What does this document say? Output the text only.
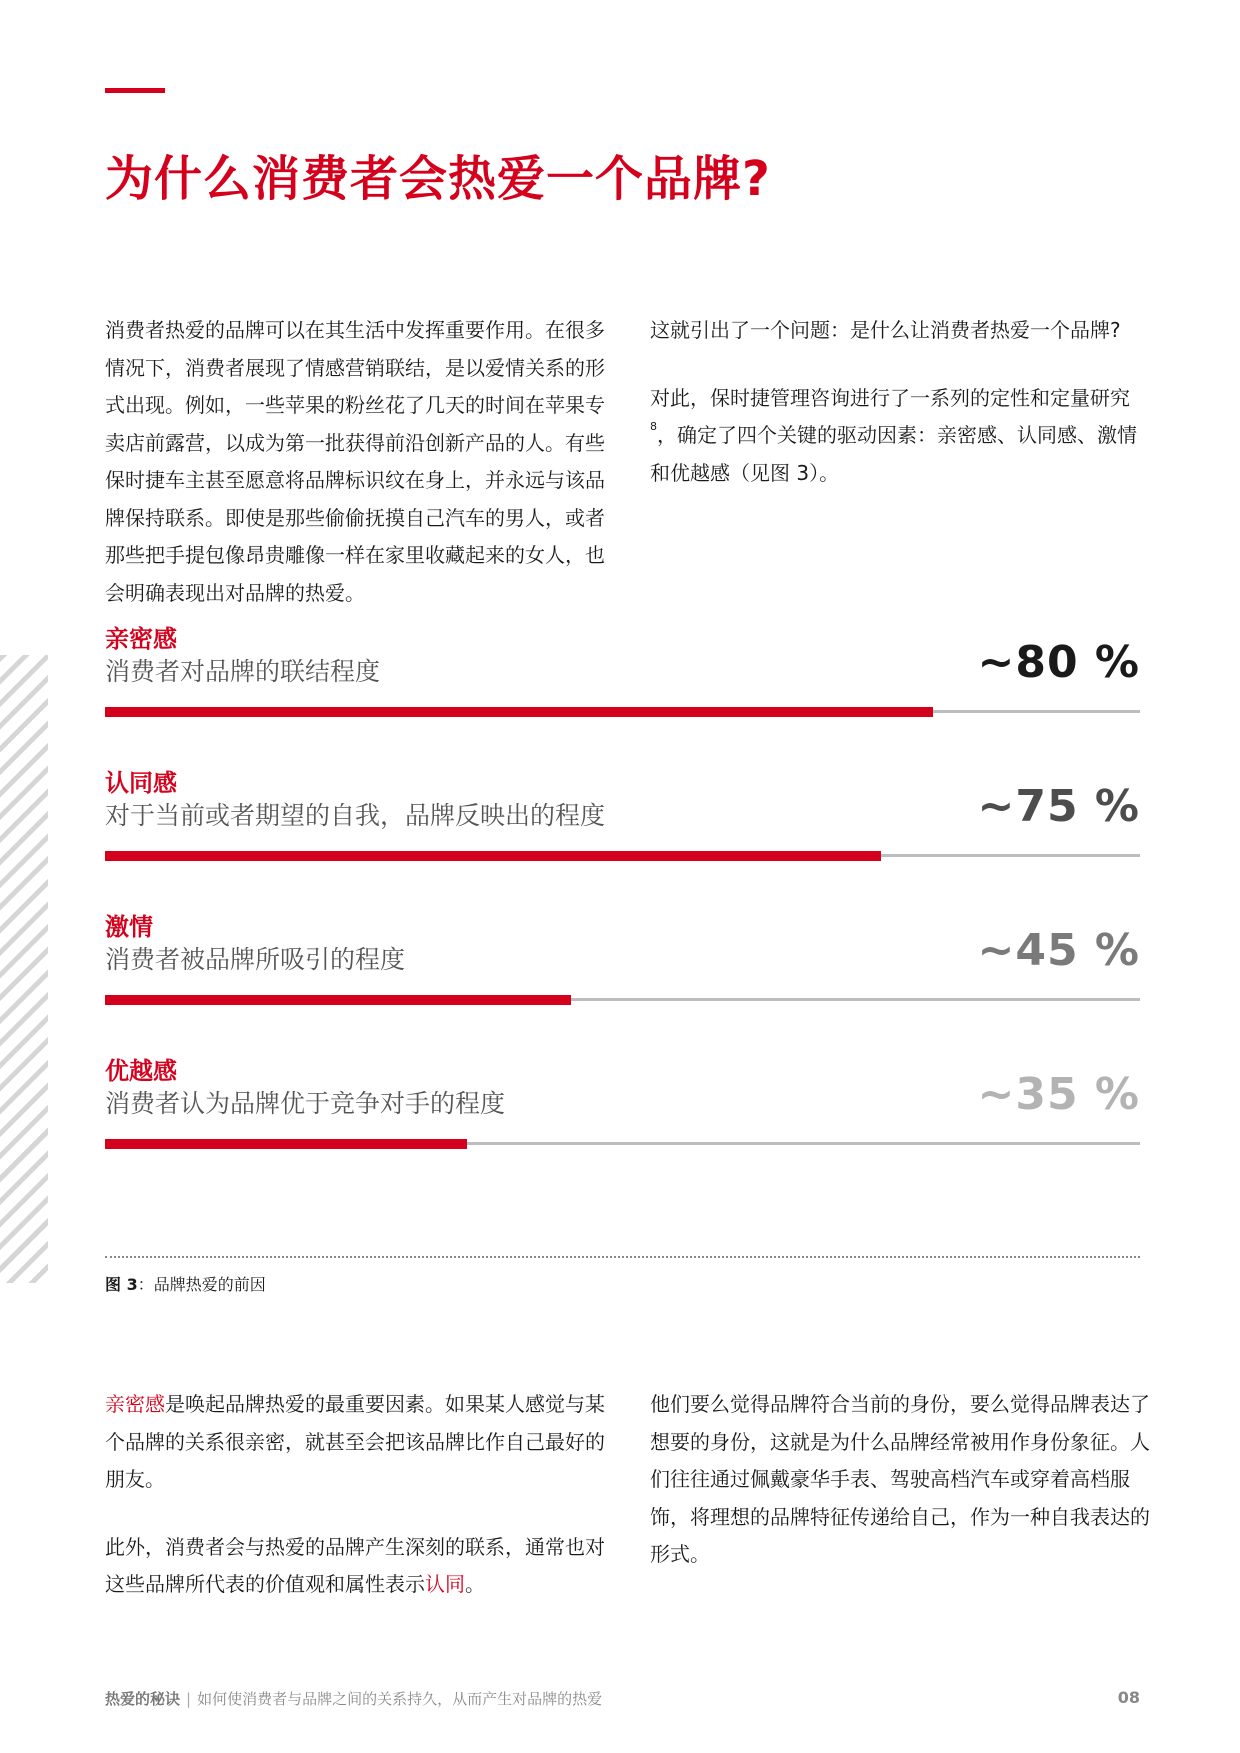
为什么消费者会热爱一个品牌?

消费者热爱的品牌可以在其生活中发挥重要作用。在很多情况下，消费者展现了情感营销联结，是以爱情关系的形式出现。例如，一些苹果的粉丝花了几天的时间在苹果专卖店前露营，以成为第一批获得前沿创新产品的人。有些保时捷车主甚至愿意将品牌标识纹在身上，并永远与该品牌保持联系。即使是那些偷偷抚摸自己汽车的男人，或者那些把手提包像昂贵雕像一样在家里收藏起来的女人，也会明确表现出对品牌的热爱。

这就引出了一个问题：是什么让消费者热爱一个品牌?

对此，保时捷管理咨询进行了一系列的定性和定量研究$^8$，确定了四个关键的驱动因素：亲密感、认同感、激情和优越感（见图 3）。

亲密感
消费者对品牌的联结程度	~80 %
认同感
对于当前或者期望的自我，品牌反映出的程度	~75 %
激情
消费者被品牌所吸引的程度	~45 %
优越感
消费者认为品牌优于竞争对手的程度	~35 %
图 3：品牌热爱的前因

亲密感是唤起品牌热爱的最重要因素。如果某人感觉与某个品牌的关系很亲密，就甚至会把该品牌比作自己最好的朋友。

此外，消费者会与热爱的品牌产生深刻的联系，通常也对这些品牌所代表的价值观和属性表示认同。

他们要么觉得品牌符合当前的身份，要么觉得品牌表达了想要的身份，这就是为什么品牌经常被用作身份象征。人们往往通过佩戴豪华手表、驾驶高档汽车或穿着高档服饰，将理想的品牌特征传递给自己，作为一种自我表达的形式。

热爱的秘诀 | 如何使消费者与品牌之间的关系持久，从而产生对品牌的热爱	08
